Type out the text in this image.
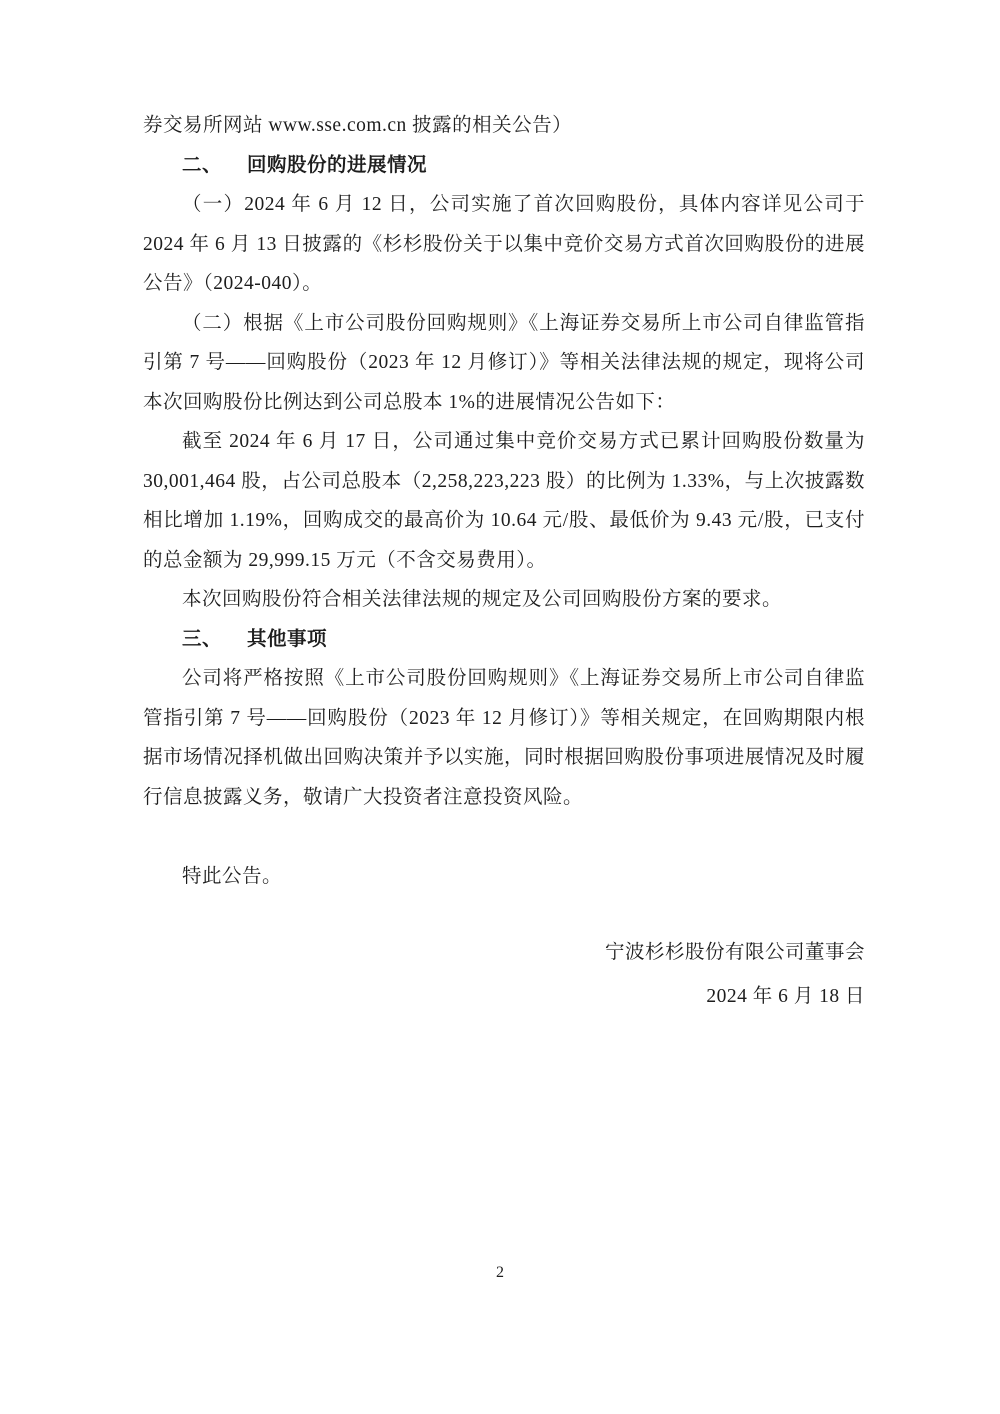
券交易所网站 www.sse.com.cn 披露的相关公告）

二、 回购股份的进展情况

（一）2024 年 6 月 12 日，公司实施了首次回购股份，具体内容详见公司于 2024 年 6 月 13 日披露的《杉杉股份关于以集中竞价交易方式首次回购股份的进展公告》（2024-040）。

（二）根据《上市公司股份回购规则》《上海证券交易所上市公司自律监管指引第 7 号——回购股份（2023 年 12 月修订）》等相关法律法规的规定，现将公司本次回购股份比例达到公司总股本 1%的进展情况公告如下：

截至 2024 年 6 月 17 日，公司通过集中竞价交易方式已累计回购股份数量为 30,001,464 股，占公司总股本（2,258,223,223 股）的比例为 1.33%，与上次披露数相比增加 1.19%，回购成交的最高价为 10.64 元/股、最低价为 9.43 元/股，已支付的总金额为 29,999.15 万元（不含交易费用）。

本次回购股份符合相关法律法规的规定及公司回购股份方案的要求。

三、 其他事项

公司将严格按照《上市公司股份回购规则》《上海证券交易所上市公司自律监管指引第 7 号——回购股份（2023 年 12 月修订）》等相关规定，在回购期限内根据市场情况择机做出回购决策并予以实施，同时根据回购股份事项进展情况及时履行信息披露义务，敬请广大投资者注意投资风险。

特此公告。

宁波杉杉股份有限公司董事会

2024 年 6 月 18 日

2
